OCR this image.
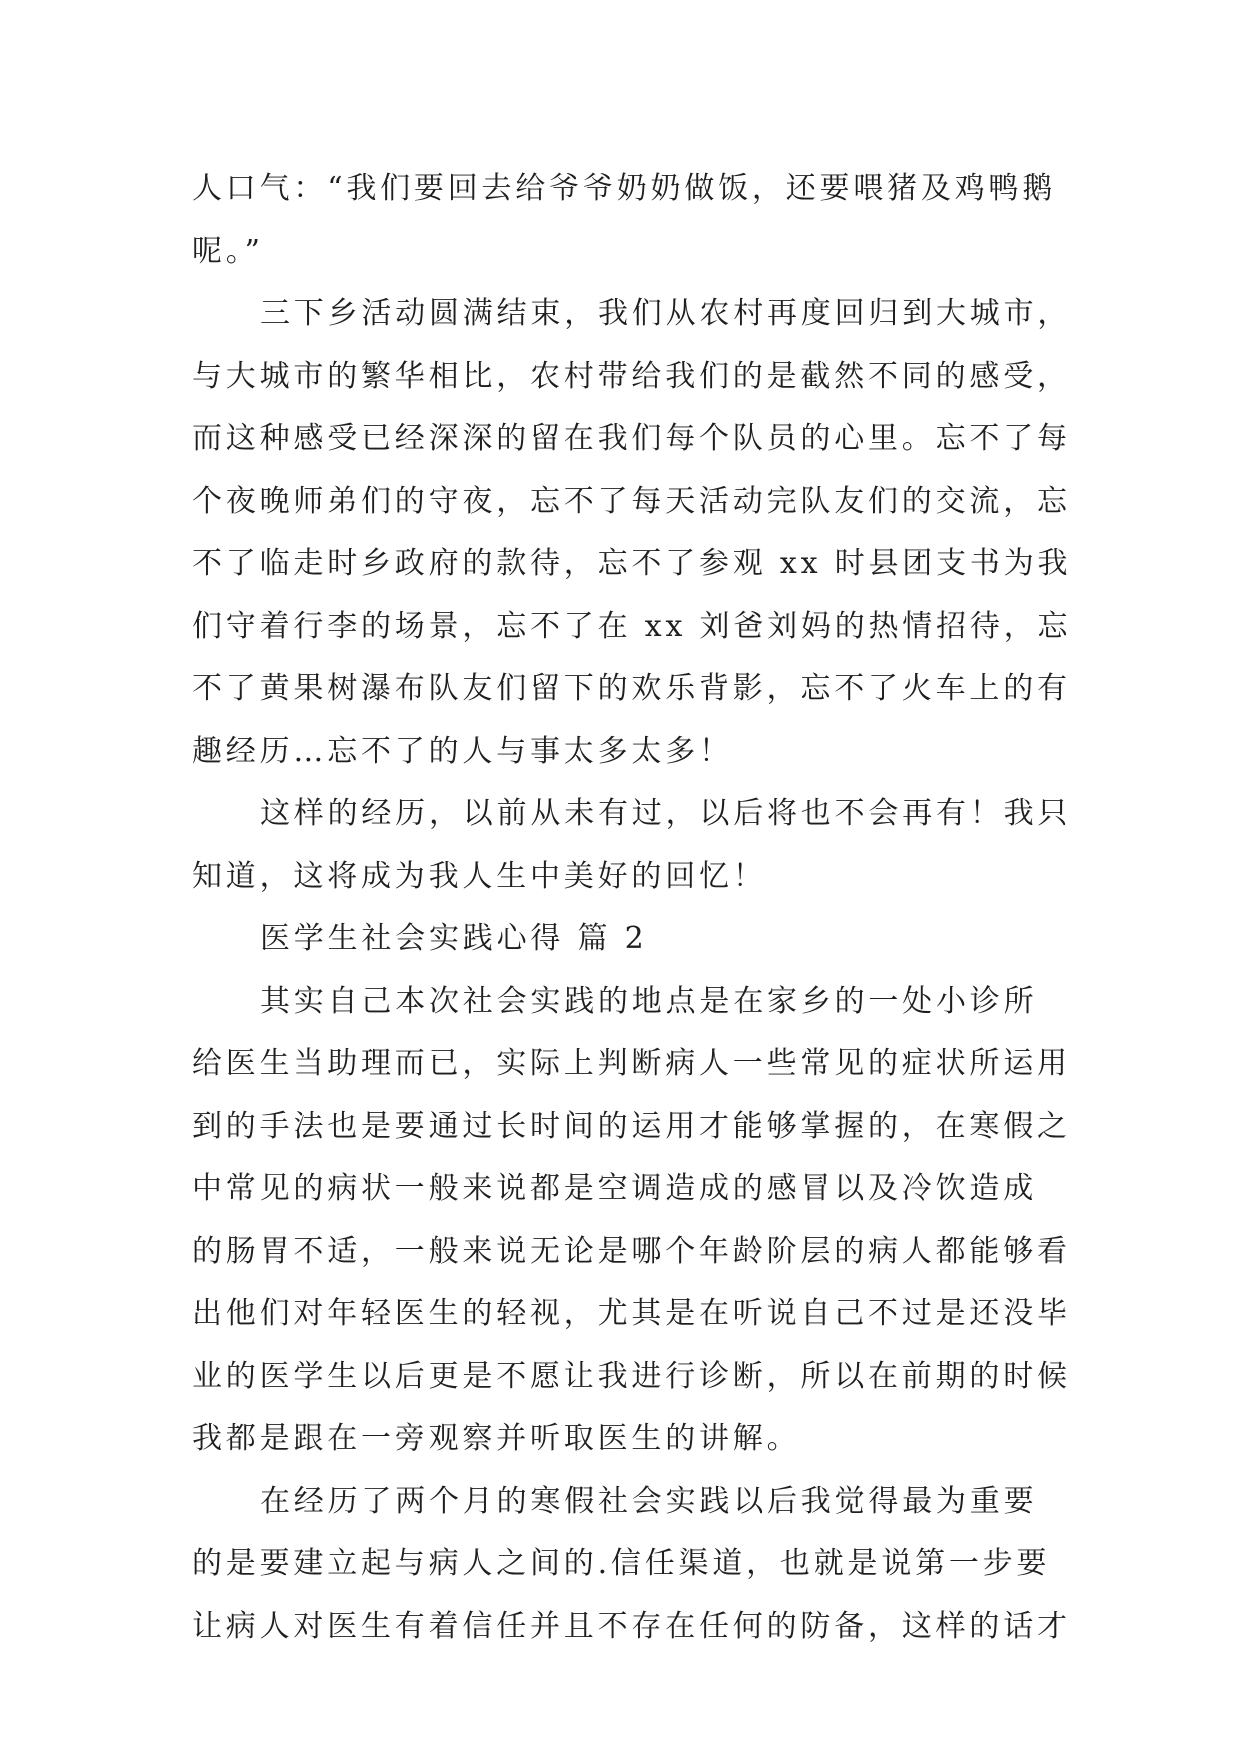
人口气：“我们要回去给爷爷奶奶做饭，还要喂猪及鸡鸭鹅
呢。”
三下乡活动圆满结束，我们从农村再度回归到大城市，
与大城市的繁华相比，农村带给我们的是截然不同的感受，
而这种感受已经深深的留在我们每个队员的心里。忘不了每
个夜晚师弟们的守夜，忘不了每天活动完队友们的交流，忘
不了临走时乡政府的款待，忘不了参观 xx 时县团支书为我
们守着行李的场景，忘不了在 xx 刘爸刘妈的热情招待，忘
不了黄果树瀑布队友们留下的欢乐背影，忘不了火车上的有
趣经历…忘不了的人与事太多太多！
这样的经历，以前从未有过，以后将也不会再有！我只
知道，这将成为我人生中美好的回忆！
医学生社会实践心得 篇 2
其实自己本次社会实践的地点是在家乡的一处小诊所
给医生当助理而已，实际上判断病人一些常见的症状所运用
到的手法也是要通过长时间的运用才能够掌握的，在寒假之
中常见的病状一般来说都是空调造成的感冒以及冷饮造成
的肠胃不适，一般来说无论是哪个年龄阶层的病人都能够看
出他们对年轻医生的轻视，尤其是在听说自己不过是还没毕
业的医学生以后更是不愿让我进行诊断，所以在前期的时候
我都是跟在一旁观察并听取医生的讲解。
在经历了两个月的寒假社会实践以后我觉得最为重要
的是要建立起与病人之间的.信任渠道，也就是说第一步要
让病人对医生有着信任并且不存在任何的防备，这样的话才
